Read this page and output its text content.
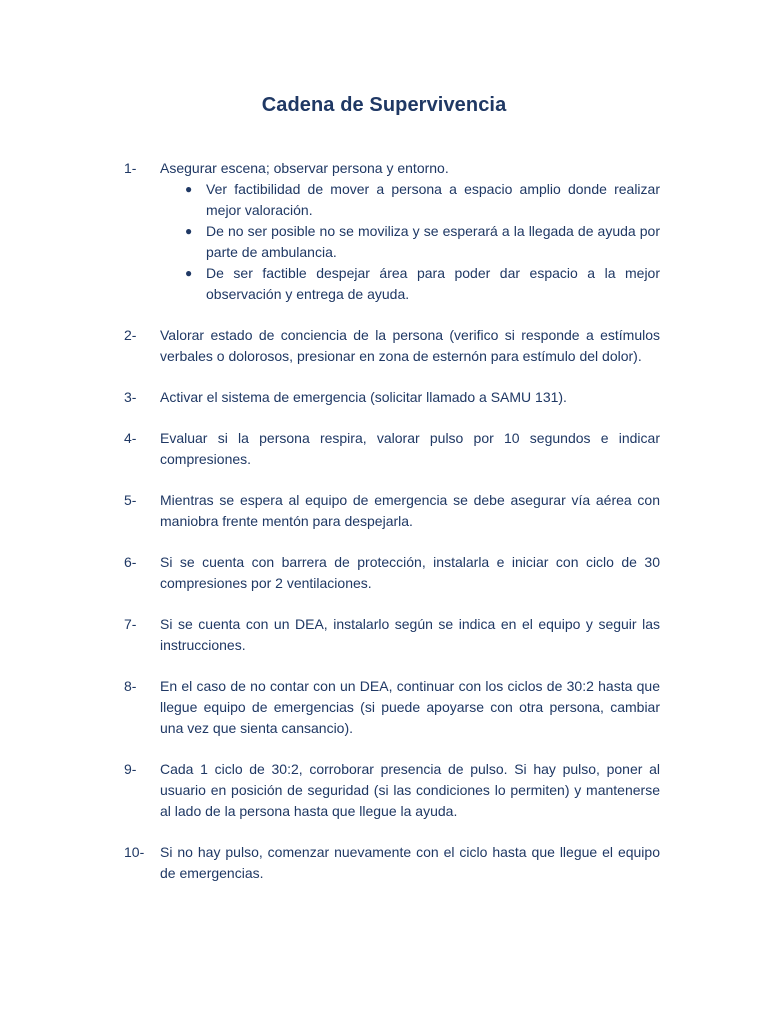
Cadena de Supervivencia
1-	Asegurar escena; observar persona y entorno.
● Ver factibilidad de mover a persona a espacio amplio donde realizar mejor valoración.
● De no ser posible no se moviliza y se esperará a la llegada de ayuda por parte de ambulancia.
● De ser factible despejar área para poder dar espacio a la mejor observación y entrega de ayuda.
2-	Valorar estado de conciencia de la persona (verifico si responde a estímulos verbales o dolorosos, presionar en zona de esternón para estímulo del dolor).
3-	Activar el sistema de emergencia (solicitar llamado a SAMU 131).
4-	Evaluar si la persona respira, valorar pulso por 10 segundos e indicar compresiones.
5-	Mientras se espera al equipo de emergencia se debe asegurar vía aérea con maniobra frente mentón para despejarla.
6-	Si se cuenta con barrera de protección, instalarla e iniciar con ciclo de 30 compresiones por 2 ventilaciones.
7-	Si se cuenta con un DEA, instalarlo según se indica en el equipo y seguir las instrucciones.
8-	En el caso de no contar con un DEA, continuar con los ciclos de 30:2 hasta que llegue equipo de emergencias (si puede apoyarse con otra persona, cambiar una vez que sienta cansancio).
9-	Cada 1 ciclo de 30:2, corroborar presencia de pulso. Si hay pulso, poner al usuario en posición de seguridad (si las condiciones lo permiten) y mantenerse al lado de la persona hasta que llegue la ayuda.
10-	Si no hay pulso, comenzar nuevamente con el ciclo hasta que llegue el equipo de emergencias.
